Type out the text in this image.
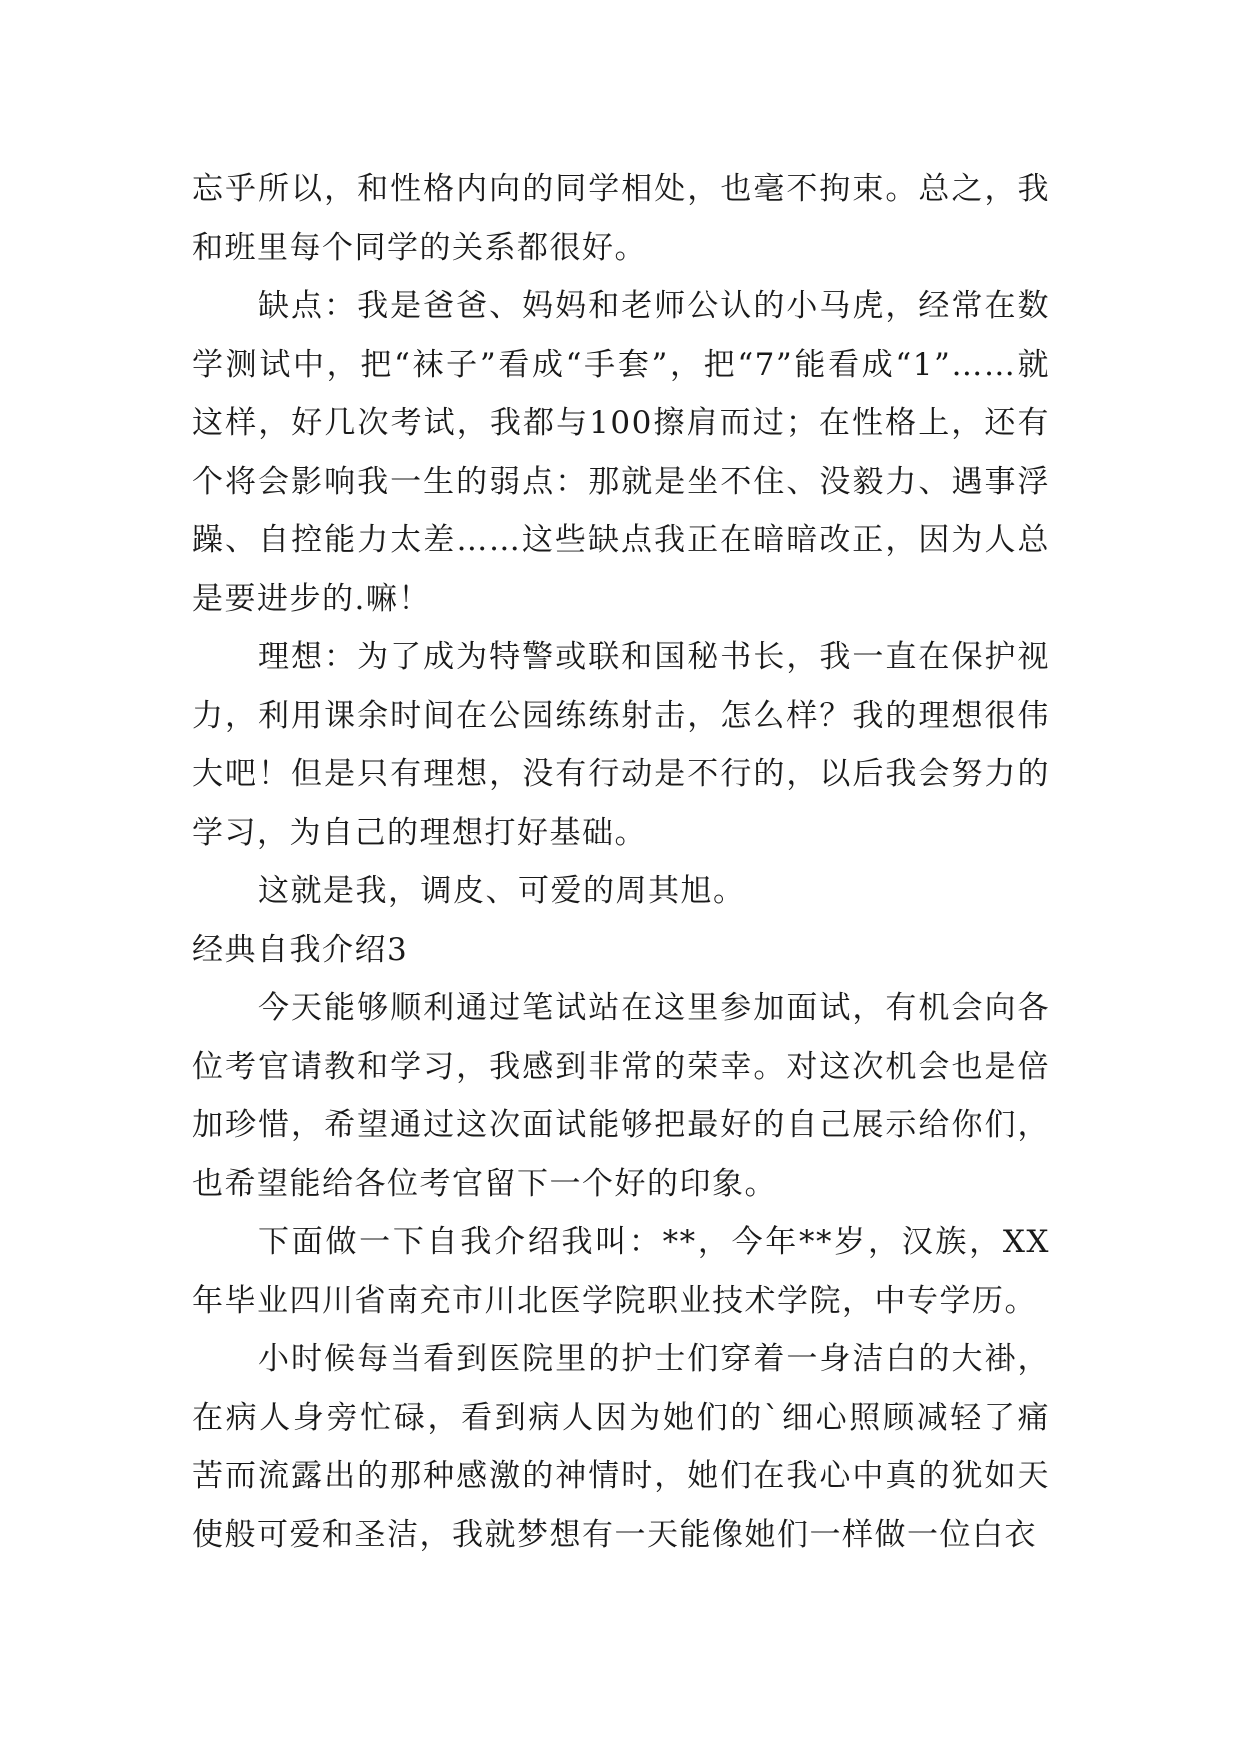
忘乎所以，和性格内向的同学相处，也毫不拘束。总之，我和班里每个同学的关系都很好。

缺点：我是爸爸、妈妈和老师公认的小马虎，经常在数学测试中，把“袜子”看成“手套”，把“7”能看成“1”……就这样，好几次考试，我都与100擦肩而过；在性格上，还有个将会影响我一生的弱点：那就是坐不住、没毅力、遇事浮躁、自控能力太差……这些缺点我正在暗暗改正，因为人总是要进步的.嘛！

理想：为了成为特警或联和国秘书长，我一直在保护视力，利用课余时间在公园练练射击，怎么样？我的理想很伟大吧！但是只有理想，没有行动是不行的，以后我会努力的学习，为自己的理想打好基础。

这就是我，调皮、可爱的周其旭。

经典自我介绍3

今天能够顺利通过笔试站在这里参加面试，有机会向各位考官请教和学习，我感到非常的荣幸。对这次机会也是倍加珍惜，希望通过这次面试能够把最好的自己展示给你们，也希望能给各位考官留下一个好的印象。

下面做一下自我介绍我叫：**，今年**岁，汉族，XX年毕业四川省南充市川北医学院职业技术学院，中专学历。

小时候每当看到医院里的护士们穿着一身洁白的大褂，在病人身旁忙碌，看到病人因为她们的`细心照顾减轻了痛苦而流露出的那种感激的神情时，她们在我心中真的犹如天使般可爱和圣洁，我就梦想有一天能像她们一样做一位白衣
